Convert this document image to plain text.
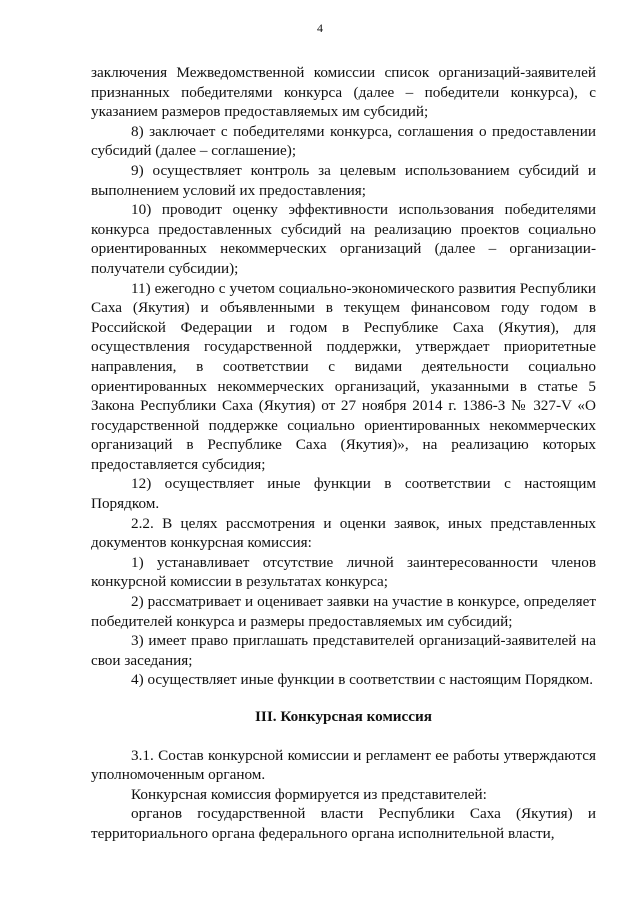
4

заключения Межведомственной комиссии список организаций-заявителей признанных победителями конкурса (далее – победители конкурса), с указанием размеров предоставляемых им субсидий;

8) заключает с победителями конкурса, соглашения о предоставлении субсидий (далее – соглашение);

9) осуществляет контроль за целевым использованием субсидий и выполнением условий их предоставления;

10) проводит оценку эффективности использования победителями конкурса предоставленных субсидий на реализацию проектов социально ориентированных некоммерческих организаций (далее – организации-получатели субсидии);

11) ежегодно с учетом социально-экономического развития Республики Саха (Якутия) и объявленными в текущем финансовом году годом в Российской Федерации и годом в Республике Саха (Якутия), для осуществления государственной поддержки, утверждает приоритетные направления, в соответствии с видами деятельности социально ориентированных некоммерческих организаций, указанными в статье 5 Закона Республики Саха (Якутия) от 27 ноября 2014 г. 1386-З № 327-V «О государственной поддержке социально ориентированных некоммерческих организаций в Республике Саха (Якутия)», на реализацию которых предоставляется субсидия;

12) осуществляет иные функции в соответствии с настоящим Порядком.

2.2. В целях рассмотрения и оценки заявок, иных представленных документов конкурсная комиссия:

1) устанавливает отсутствие личной заинтересованности членов конкурсной комиссии в результатах конкурса;

2) рассматривает и оценивает заявки на участие в конкурсе, определяет победителей конкурса и размеры предоставляемых им субсидий;

3) имеет право приглашать представителей организаций-заявителей на свои заседания;

4) осуществляет иные функции в соответствии с настоящим Порядком.

III. Конкурсная комиссия

3.1. Состав конкурсной комиссии и регламент ее работы утверждаются уполномоченным органом.

Конкурсная комиссия формируется из представителей:

органов государственной власти Республики Саха (Якутия) и территориального органа федерального органа исполнительной власти,
